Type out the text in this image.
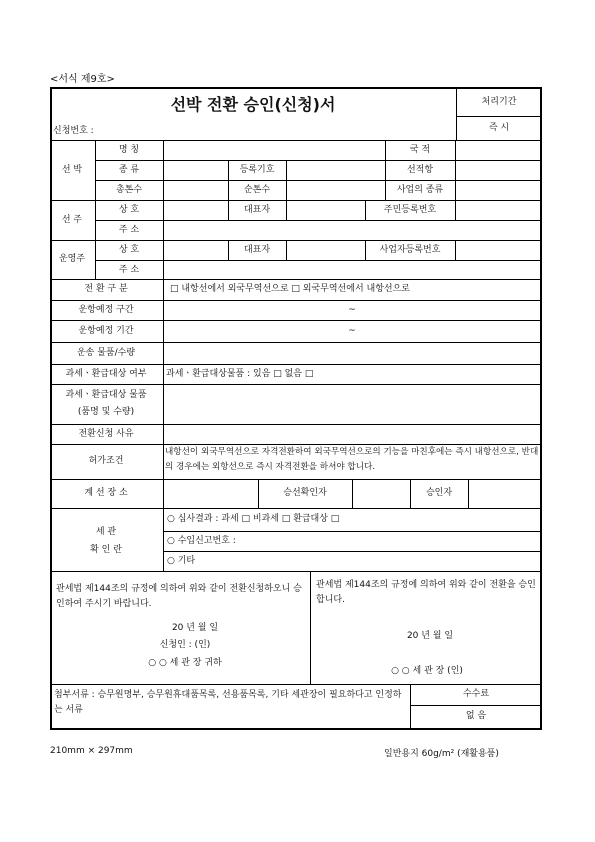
<서식 제9호>
선박 전환 승인(신청)서	처리기간
즉 시
신청번호 :
선 박
명 칭	국 적
종 류	등록기호	선적항
총톤수	순톤수	사업의 종류
선 주
상 호	대표자	주민등록번호
주 소
운영주
상 호	대표자	사업자등록번호
주 소
전 환 구 분	□ 내항선에서 외국무역선으로 □ 외국무역선에서 내항선으로
운항예정 구간	~
운항예정 기간	~
운송 물품/수량
과세ㆍ환급대상 여부 과세ㆍ환급대상물품 : 있음 □ 없음 □
과세ㆍ환급대상 물품
(품명 및 수량)
전환신청 사유
허가조건
내항선이 외국무역선으로 자격전환하여 외국무역선으로의 기능을 마친후에는 즉시 내항선으로, 반대의 경우에는 외항선으로 즉시 자격전환을 하셔야 합니다.
계 선 장 소	승선확인자	승인자
세 관
확 인 란
○ 심사결과 : 과세 □ 비과세 □ 환급대상 □
○ 수입신고번호 :
○ 기타
관세법 제144조의 규정에 의하여 위와 같이 전환신청하오니 승인하여 주시기 바랍니다.
20 년 월 일
신청인 : (인)
○ ○ 세 관 장 귀하
관세법 제144조의 규정에 의하여 위와 같이 전환을 승인합니다.
20 년 월 일
○ ○ 세 관 장 (인)
첨부서류 : 승무원명부, 승무원휴대품목록, 선용품목록, 기타 세관장이 필요하다고 인정하는 서류
수수료
없 음
210mm × 297mm	일반용지 60g/m² (재활용품)
